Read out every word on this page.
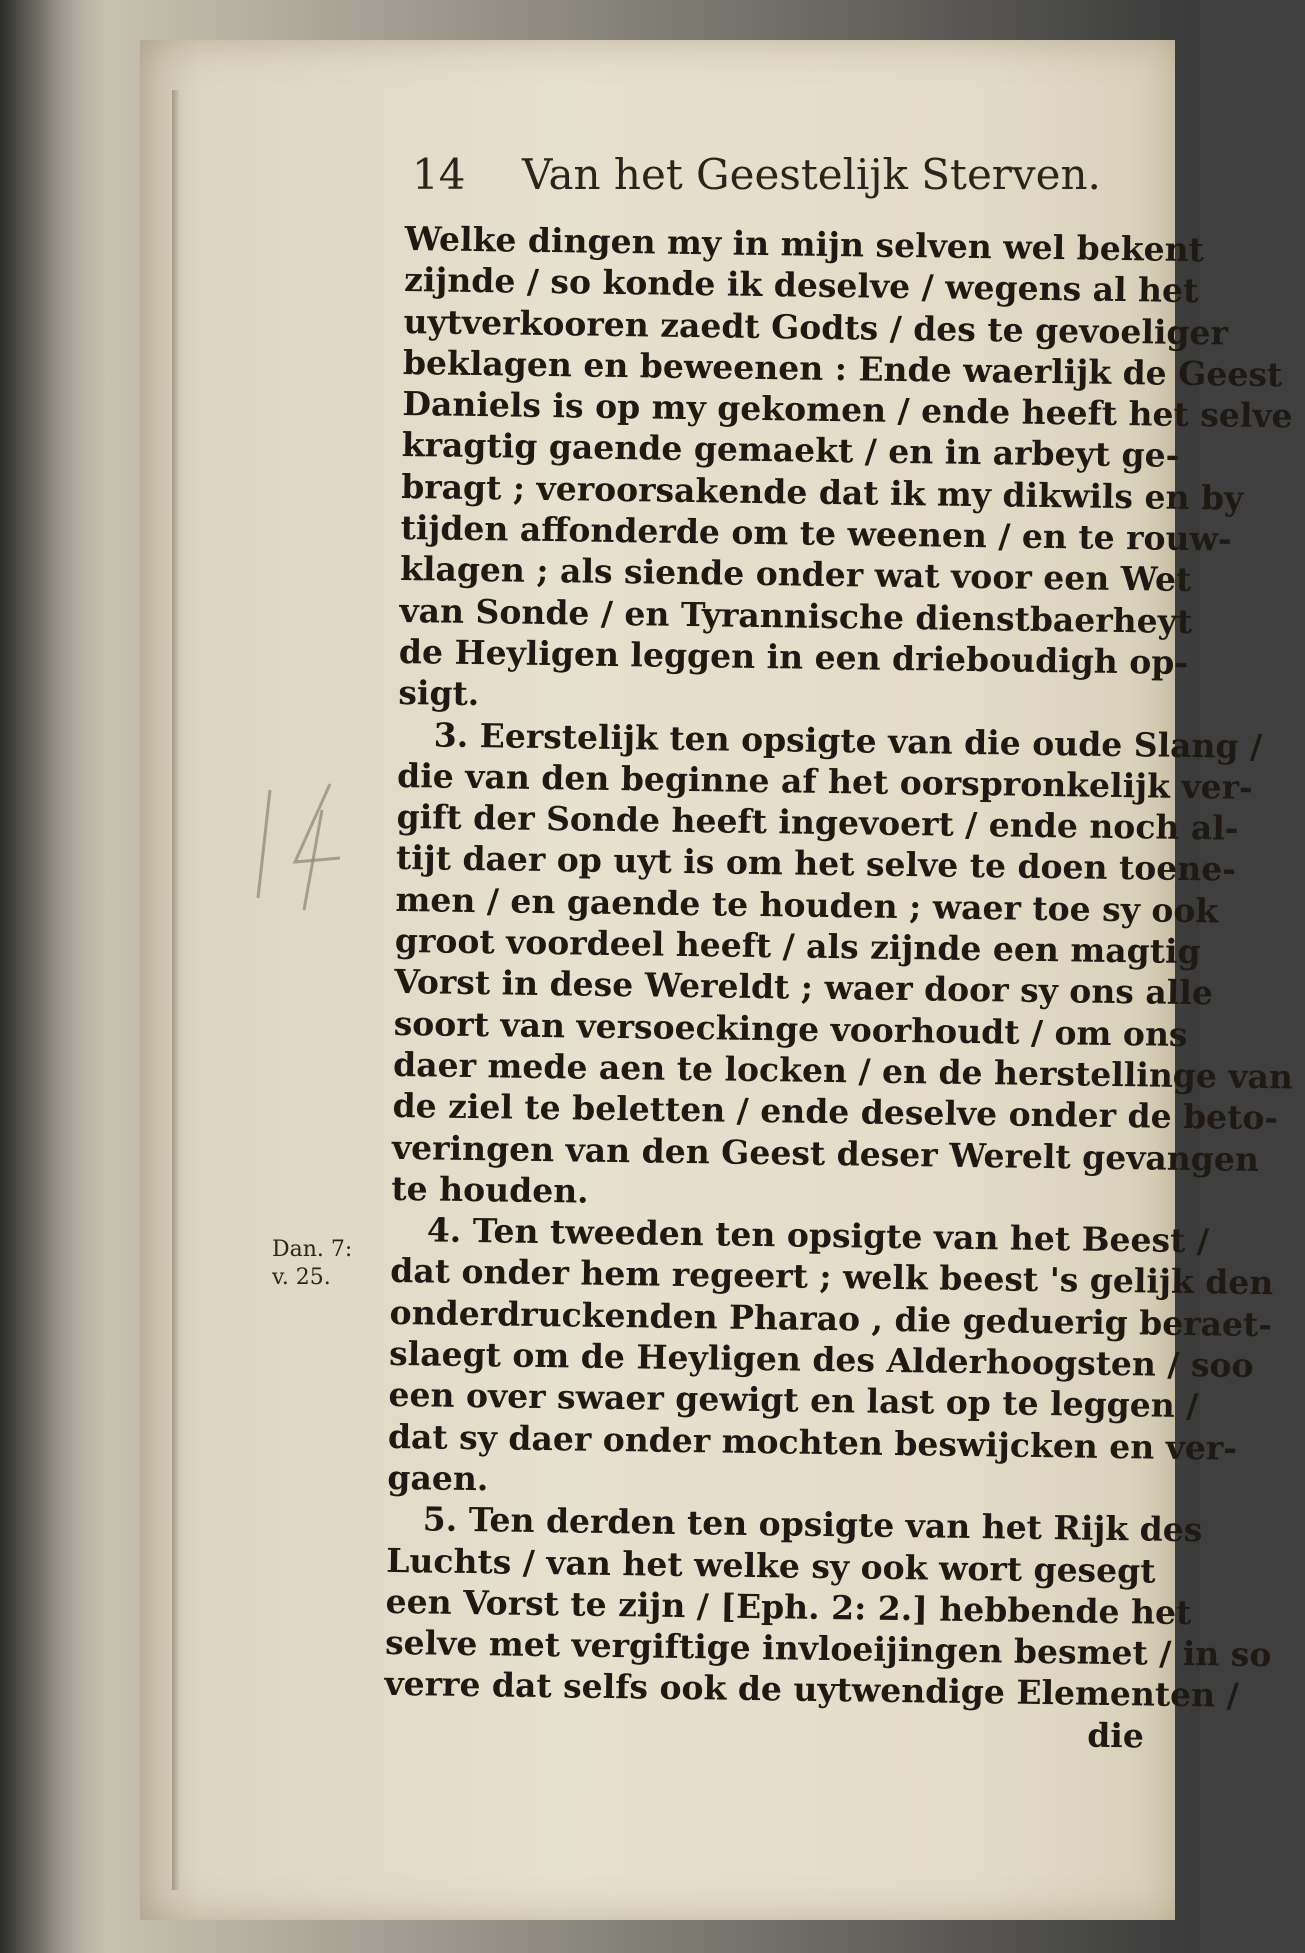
14 Van het Geestelijk Sterven.
Dan. 7:
v. 25.
Welke dingen my in mijn selven wel bekent
zijnde / so konde ik deselve / wegens al het
uytverkooren zaedt Godts / des te gevoeliger
beklagen en beweenen : Ende waerlijk de Geest
Daniels is op my gekomen / ende heeft het selve
kragtig gaende gemaekt / en in arbeyt ge-
bragt ; veroorsakende dat ik my dikwils en by
tijden affonderde om te weenen / en te rouw-
klagen ; als siende onder wat voor een Wet
van Sonde / en Tyrannische dienstbaerheyt
de Heyligen leggen in een drieboudigh op-
sigt.
3. Eerstelijk ten opsigte van die oude Slang /
die van den beginne af het oorspronkelijk ver-
gift der Sonde heeft ingevoert / ende noch al-
tijt daer op uyt is om het selve te doen toene-
men / en gaende te houden ; waer toe sy ook
groot voordeel heeft / als zijnde een magtig
Vorst in dese Wereldt ; waer door sy ons alle
soort van versoeckinge voorhoudt / om ons
daer mede aen te locken / en de herstellinge van
de ziel te beletten / ende deselve onder de beto-
veringen van den Geest deser Werelt gevangen
te houden.
4. Ten tweeden ten opsigte van het Beest /
dat onder hem regeert ; welk beest 's gelijk den
onderdruckenden Pharao , die geduerig beraet-
slaegt om de Heyligen des Alderhoogsten / soo
een over swaer gewigt en last op te leggen /
dat sy daer onder mochten beswijcken en ver-
gaen.
5. Ten derden ten opsigte van het Rijk des
Luchts / van het welke sy ook wort gesegt
een Vorst te zijn / [Eph. 2: 2.] hebbende het
selve met vergiftige invloeijingen besmet / in so
verre dat selfs ook de uytwendige Elementen /
die
